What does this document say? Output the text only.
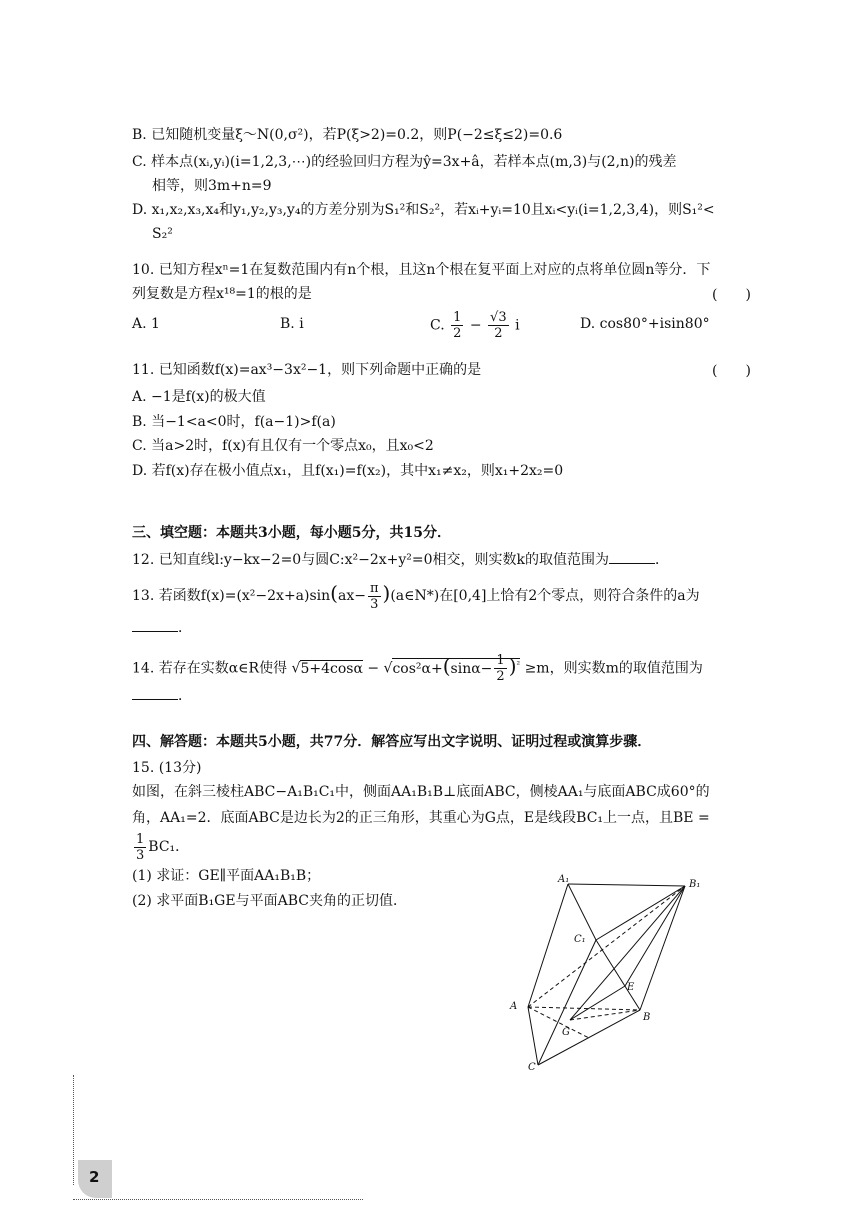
B. 已知随机变量ξ～N(0,σ²)，若P(ξ>2)=0.2，则P(−2≤ξ≤2)=0.6
C. 样本点(xᵢ,yᵢ)(i=1,2,3,⋯)的经验回归方程为ŷ=3x+â，若样本点(m,3)与(2,n)的残差
相等，则3m+n=9
D. x₁,x₂,x₃,x₄和y₁,y₂,y₃,y₄的方差分别为S₁²和S₂²，若xᵢ+yᵢ=10且xᵢ<yᵢ(i=1,2,3,4)，则S₁²<
S₂²
10. 已知方程xⁿ=1在复数范围内有n个根，且这n个根在复平面上对应的点将单位圆n等分．下
列复数是方程x¹⁸=1的根的是	(　　)
A. 1	B. i	C. $\frac{1}{2} - \frac{√3}{2}$ i	D. cos80°+isin80°
11. 已知函数f(x)=ax³−3x²−1，则下列命题中正确的是	(　　)
A. −1是f(x)的极大值
B. 当−1<a<0时，f(a−1)>f(a)
C. 当a>2时，f(x)有且仅有一个零点x₀，且x₀<2
D. 若f(x)存在极小值点x₁，且f(x₁)=f(x₂)，其中x₁≠x₂，则x₁+2x₂=0
三、填空题：本题共3小题，每小题5分，共15分．
12. 已知直线l:y−kx−2=0与圆C:x²−2x+y²=0相交，则实数k的取值范围为	．
13. 若函数$f(x)=(x^2-2x+a)\sin(ax- \frac{\pi}{3}$ )(a∈N*)在[0,4]上恰有2个零点，则符合条件的a为
．
14. 若存在实数α∈R使得 $√5+4\cos\alpha - √\cos^2\alpha+(\sin\alpha- \frac{1}{2} )^{^2} \ge m$，则实数m的取值范围为
．
四、解答题：本题共5小题，共77分．解答应写出文字说明、证明过程或演算步骤．
15. (13分)
如图，在斜三棱柱ABC−A₁B₁C₁中，侧面AA₁B₁B⊥底面ABC，侧棱AA₁与底面ABC成60°的
角，AA₁=2．底面ABC是边长为2的正三角形，其重心为G点，E是线段BC₁上一点，且BE =
$\frac{1}{3} BC_1$．
(1) 求证：GE∥平面AA₁B₁B；
(2) 求平面B₁GE与平面ABC夹角的正切值．
A₁	B₁
C₁
A
B
C
E
G
2
